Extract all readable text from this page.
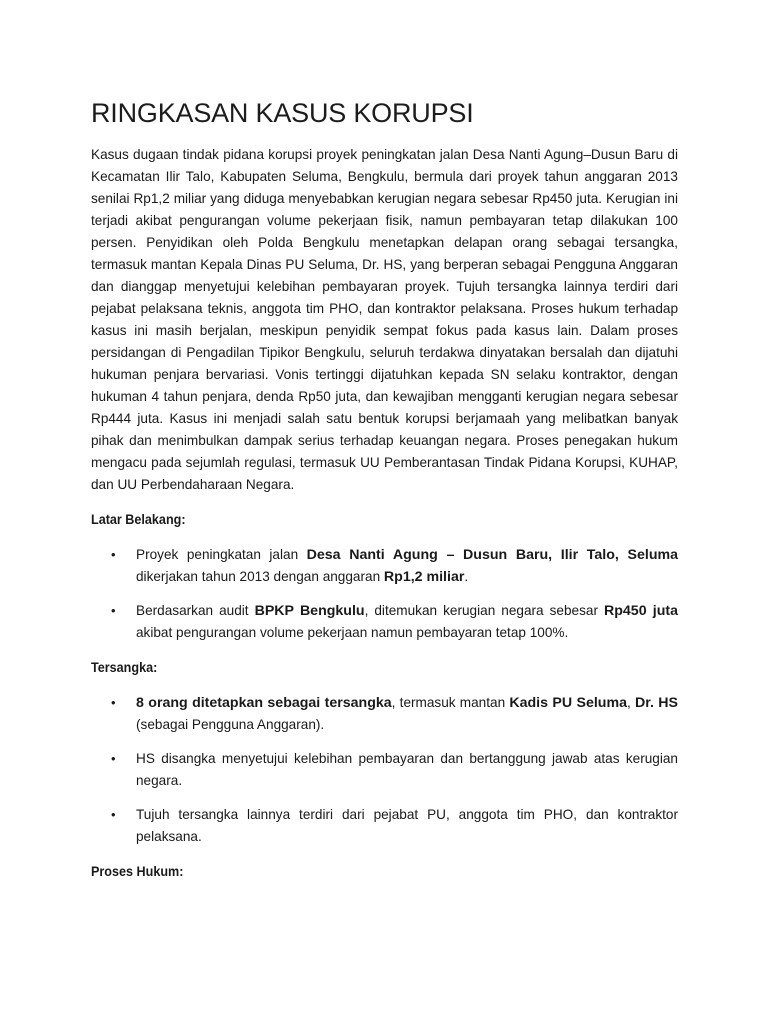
RINGKASAN KASUS KORUPSI

Kasus dugaan tindak pidana korupsi proyek peningkatan jalan Desa Nanti Agung–Dusun Baru di Kecamatan Ilir Talo, Kabupaten Seluma, Bengkulu, bermula dari proyek tahun anggaran 2013 senilai Rp1,2 miliar yang diduga menyebabkan kerugian negara sebesar Rp450 juta. Kerugian ini terjadi akibat pengurangan volume pekerjaan fisik, namun pembayaran tetap dilakukan 100 persen. Penyidikan oleh Polda Bengkulu menetapkan delapan orang sebagai tersangka, termasuk mantan Kepala Dinas PU Seluma, Dr. HS, yang berperan sebagai Pengguna Anggaran dan dianggap menyetujui kelebihan pembayaran proyek. Tujuh tersangka lainnya terdiri dari pejabat pelaksana teknis, anggota tim PHO, dan kontraktor pelaksana. Proses hukum terhadap kasus ini masih berjalan, meskipun penyidik sempat fokus pada kasus lain. Dalam proses persidangan di Pengadilan Tipikor Bengkulu, seluruh terdakwa dinyatakan bersalah dan dijatuhi hukuman penjara bervariasi. Vonis tertinggi dijatuhkan kepada SN selaku kontraktor, dengan hukuman 4 tahun penjara, denda Rp50 juta, dan kewajiban mengganti kerugian negara sebesar Rp444 juta. Kasus ini menjadi salah satu bentuk korupsi berjamaah yang melibatkan banyak pihak dan menimbulkan dampak serius terhadap keuangan negara. Proses penegakan hukum mengacu pada sejumlah regulasi, termasuk UU Pemberantasan Tindak Pidana Korupsi, KUHAP, dan UU Perbendaharaan Negara.

Latar Belakang:
• Proyek peningkatan jalan Desa Nanti Agung – Dusun Baru, Ilir Talo, Seluma dikerjakan tahun 2013 dengan anggaran Rp1,2 miliar.
• Berdasarkan audit BPKP Bengkulu, ditemukan kerugian negara sebesar Rp450 juta akibat pengurangan volume pekerjaan namun pembayaran tetap 100%.
Tersangka:
• 8 orang ditetapkan sebagai tersangka, termasuk mantan Kadis PU Seluma, Dr. HS (sebagai Pengguna Anggaran).
• HS disangka menyetujui kelebihan pembayaran dan bertanggung jawab atas kerugian negara.
• Tujuh tersangka lainnya terdiri dari pejabat PU, anggota tim PHO, dan kontraktor pelaksana.
Proses Hukum:
